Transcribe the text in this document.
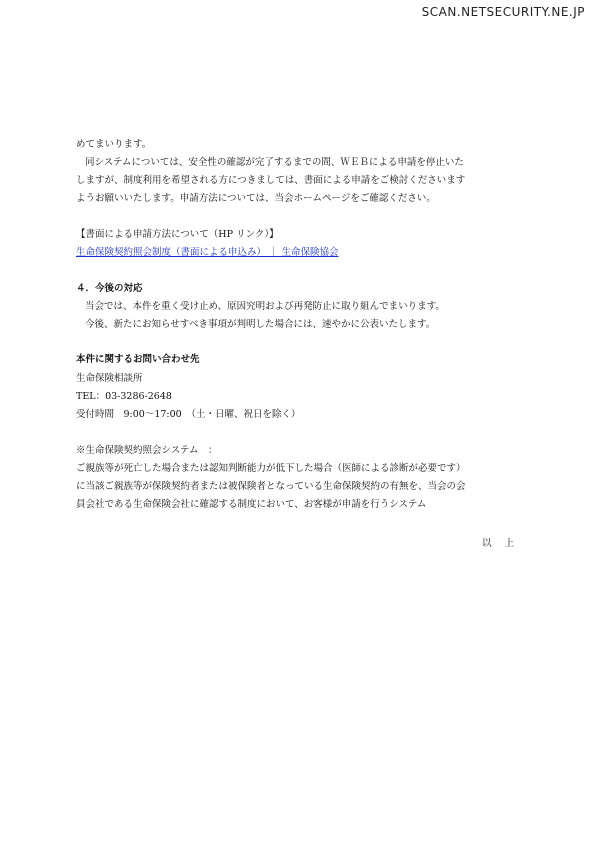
SCAN.NETSECURITY.NE.JP
めてまいります。
同システムについては、安全性の確認が完了するまでの間、ＷＥＢによる申請を停止いた
しますが、制度利用を希望される方につきましては、書面による申請をご検討くださいます
ようお願いいたします。申請方法については、当会ホームページをご確認ください。
【書面による申請方法について（HP リンク）】
生命保険契約照会制度（書面による申込み） ｜ 生命保険協会
４．今後の対応
当会では、本件を重く受け止め、原因究明および再発防止に取り組んでまいります。
今後、新たにお知らせすべき事項が判明した場合には、速やかに公表いたします。
本件に関するお問い合わせ先
生命保険相談所
TEL：03-3286-2648
受付時間　9:00～17:00　（土・日曜、祝日を除く）
※生命保険契約照会システム　：
ご親族等が死亡した場合または認知判断能力が低下した場合（医師による診断が必要です）
に当該ご親族等が保険契約者または被保険者となっている生命保険契約の有無を、当会の会
員会社である生命保険会社に確認する制度において、お客様が申請を行うシステム
以 上
